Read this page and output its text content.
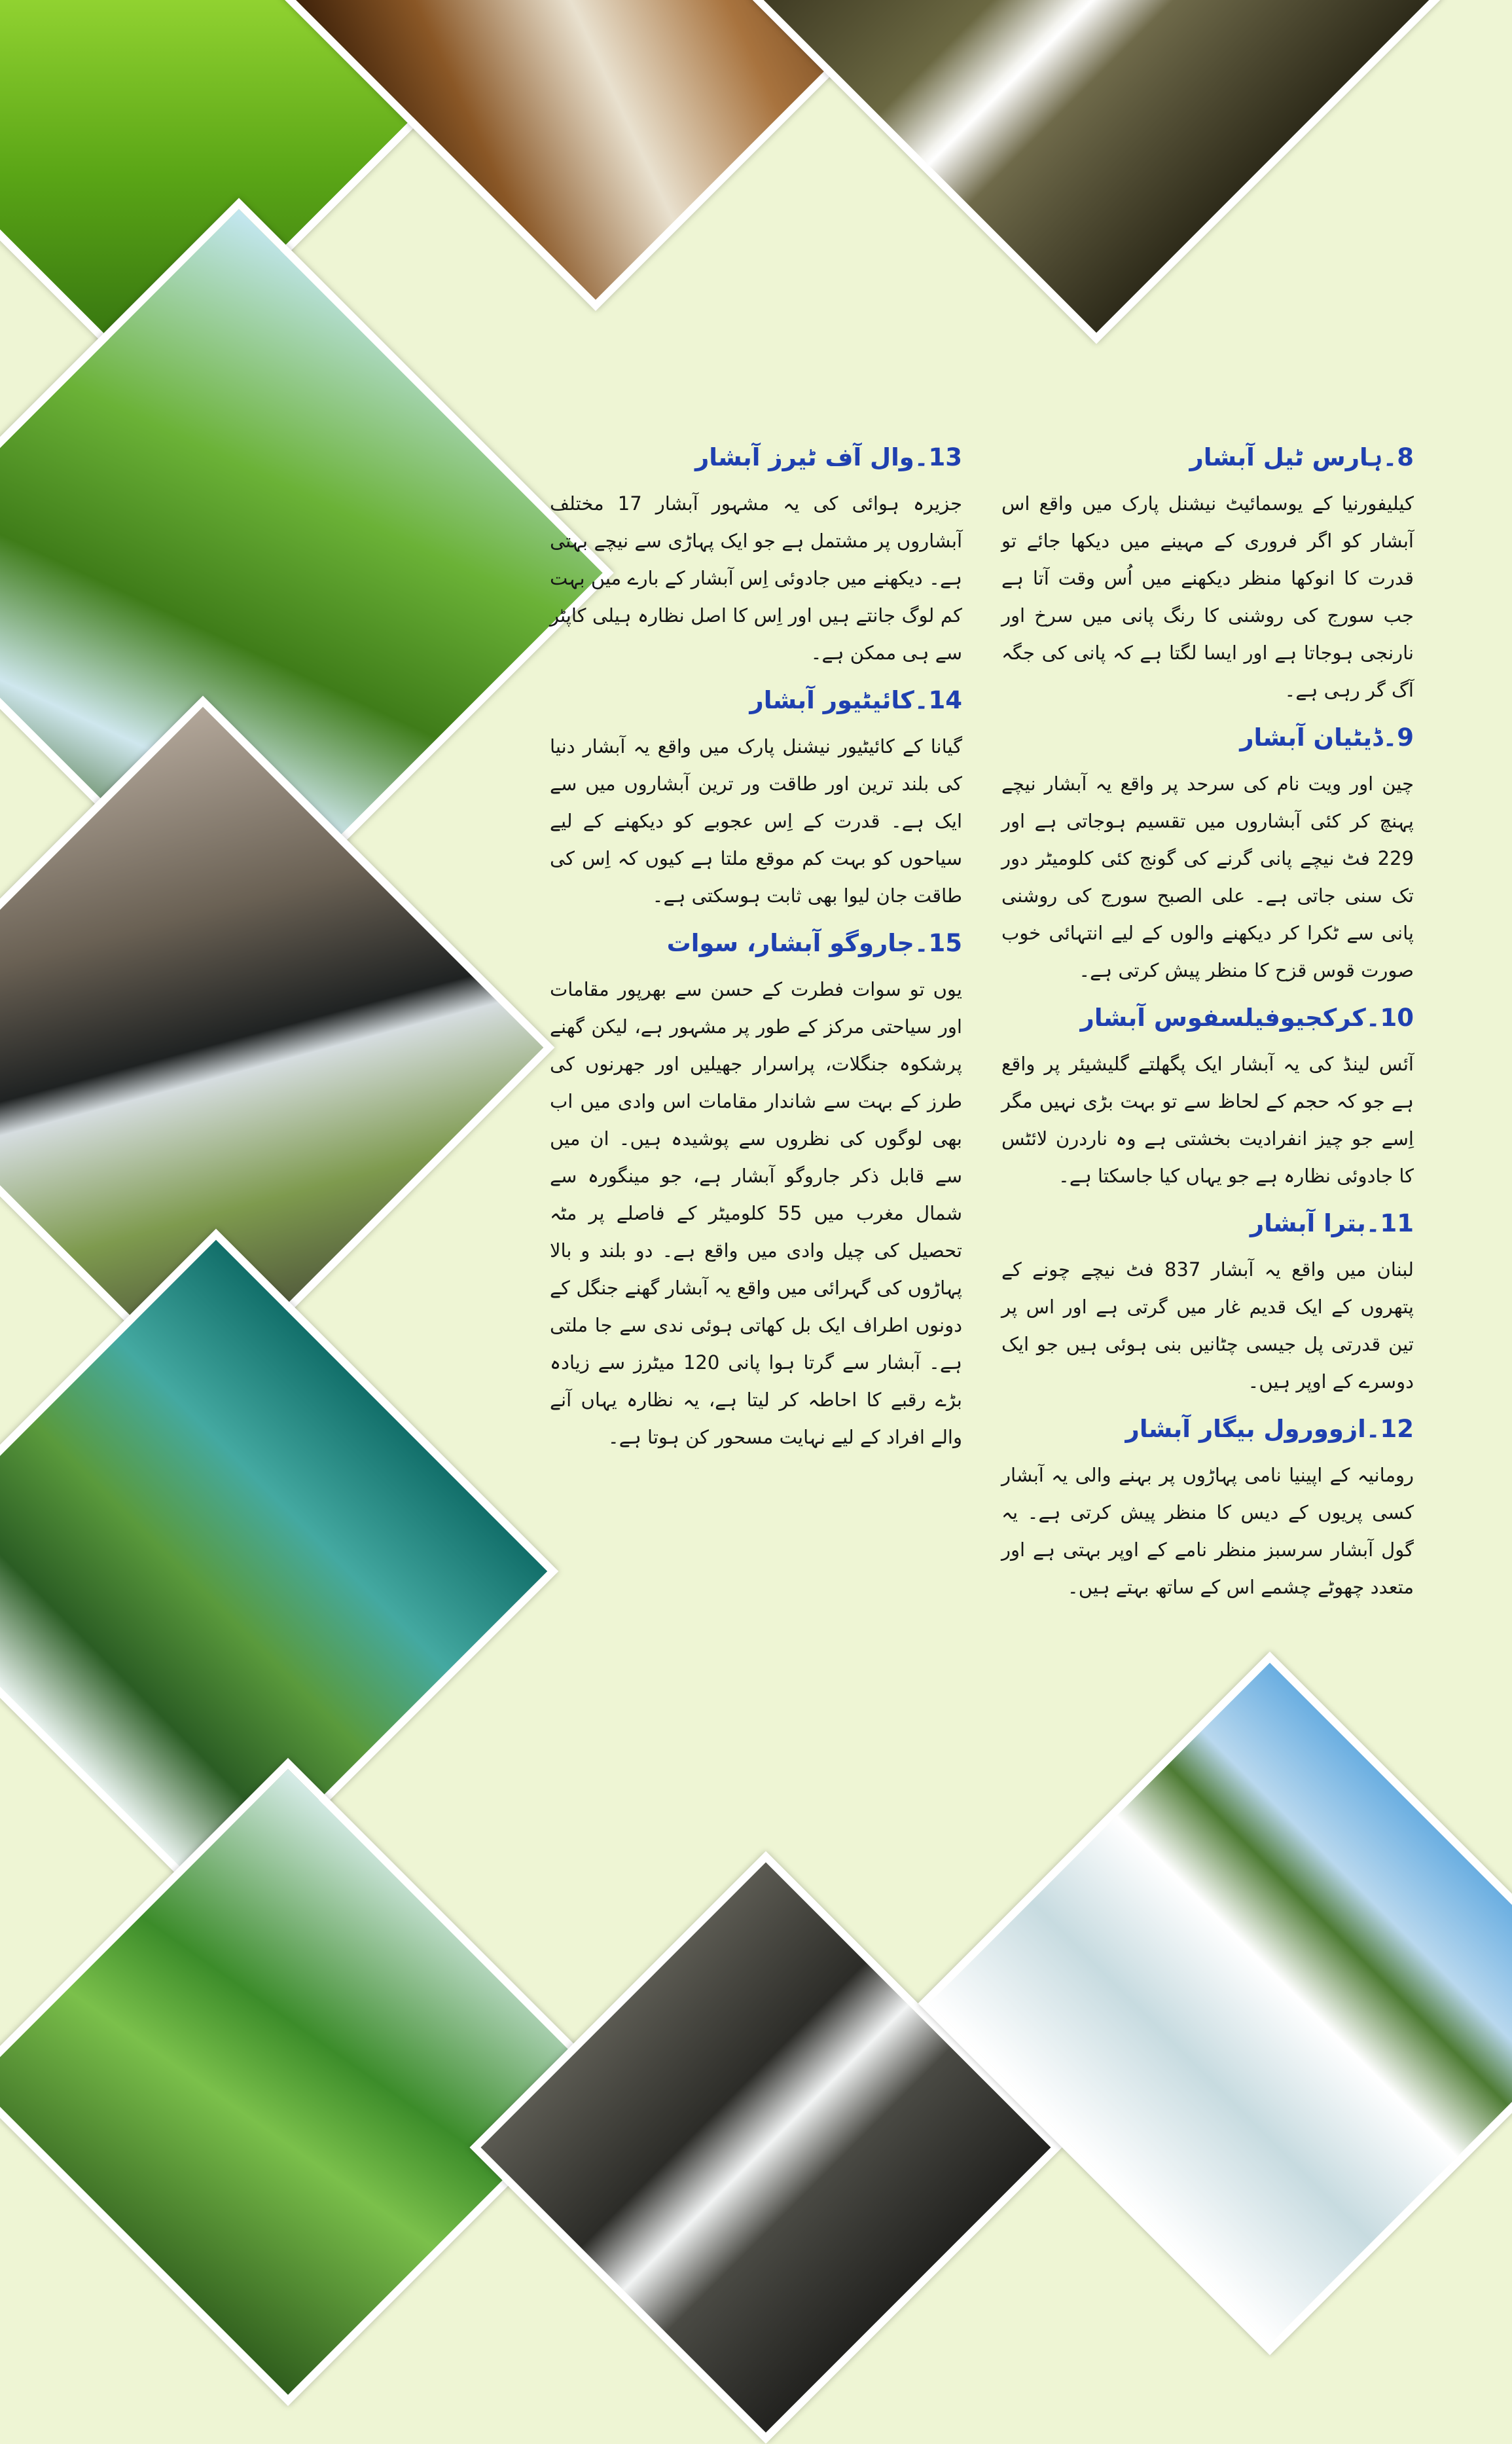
8۔ہارس ٹیل آبشار

کیلیفورنیا کے یوسمائیٹ نیشنل پارک میں واقع اس آبشار کو اگر فروری کے مہینے میں دیکھا جائے تو قدرت کا انوکھا منظر دیکھنے میں اُس وقت آتا ہے جب سورج کی روشنی کا رنگ پانی میں سرخ اور نارنجی ہوجاتا ہے اور ایسا لگتا ہے کہ پانی کی جگہ آگ گر رہی ہے۔

9۔ڈیٹیان آبشار

چین اور ویت نام کی سرحد پر واقع یہ آبشار نیچے پہنچ کر کئی آبشاروں میں تقسیم ہوجاتی ہے اور 229 فٹ نیچے پانی گرنے کی گونج کئی کلومیٹر دور تک سنی جاتی ہے۔ علی الصبح سورج کی روشنی پانی سے ٹکرا کر دیکھنے والوں کے لیے انتہائی خوب صورت قوس قزح کا منظر پیش کرتی ہے۔

10۔کرکجیوفیلسفوس آبشار

آئس لینڈ کی یہ آبشار ایک پگھلتے گلیشیئر پر واقع ہے جو کہ حجم کے لحاظ سے تو بہت بڑی نہیں مگر اِسے جو چیز انفرادیت بخشتی ہے وہ ناردرن لائٹس کا جادوئی نظارہ ہے جو یہاں کیا جاسکتا ہے۔

11۔بترا آبشار

لبنان میں واقع یہ آبشار 837 فٹ نیچے چونے کے پتھروں کے ایک قدیم غار میں گرتی ہے اور اس پر تین قدرتی پل جیسی چٹانیں بنی ہوئی ہیں جو ایک دوسرے کے اوپر ہیں۔

12۔ازوورول بیگار آبشار

رومانیہ کے اپینیا نامی پہاڑوں پر بہنے والی یہ آبشار کسی پریوں کے دیس کا منظر پیش کرتی ہے۔ یہ گول آبشار سرسبز منظر نامے کے اوپر بہتی ہے اور متعدد چھوٹے چشمے اس کے ساتھ بہتے ہیں۔

13۔وال آف ٹیرز آبشار

جزیرہ ہوائی کی یہ مشہور آبشار 17 مختلف آبشاروں پر مشتمل ہے جو ایک پہاڑی سے نیچے بہتی ہے۔ دیکھنے میں جادوئی اِس آبشار کے بارے میں بہت کم لوگ جانتے ہیں اور اِس کا اصل نظارہ ہیلی کاپٹر سے ہی ممکن ہے۔

14۔کائیٹیور آبشار

گیانا کے کائیٹیور نیشنل پارک میں واقع یہ آبشار دنیا کی بلند ترین اور طاقت ور ترین آبشاروں میں سے ایک ہے۔ قدرت کے اِس عجوبے کو دیکھنے کے لیے سیاحوں کو بہت کم موقع ملتا ہے کیوں کہ اِس کی طاقت جان لیوا بھی ثابت ہوسکتی ہے۔

15۔جاروگو آبشار، سوات

یوں تو سوات فطرت کے حسن سے بھرپور مقامات اور سیاحتی مرکز کے طور پر مشہور ہے، لیکن گھنے پرشکوہ جنگلات، پراسرار جھیلیں اور جھرنوں کی طرز کے بہت سے شاندار مقامات اس وادی میں اب بھی لوگوں کی نظروں سے پوشیدہ ہیں۔ ان میں سے قابل ذکر جاروگو آبشار ہے، جو مینگورہ سے شمال مغرب میں 55 کلومیٹر کے فاصلے پر مٹہ تحصیل کی چیل وادی میں واقع ہے۔ دو بلند و بالا پہاڑوں کی گہرائی میں واقع یہ آبشار گھنے جنگل کے دونوں اطراف ایک بل کھاتی ہوئی ندی سے جا ملتی ہے۔ آبشار سے گرتا ہوا پانی 120 میٹرز سے زیادہ بڑے رقبے کا احاطہ کر لیتا ہے، یہ نظارہ یہاں آنے والے افراد کے لیے نہایت مسحور کن ہوتا ہے۔
